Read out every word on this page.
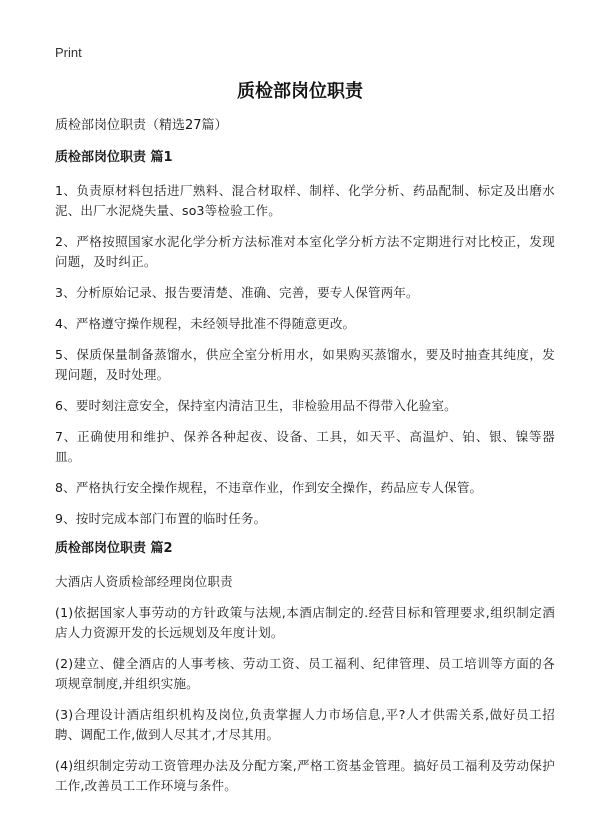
Print
质检部岗位职责
质检部岗位职责（精选27篇）
质检部岗位职责 篇1

1、负责原材料包括进厂熟料、混合材取样、制样、化学分析、药品配制、标定及出磨水泥、出厂水泥烧失量、so3等检验工作。

2、严格按照国家水泥化学分析方法标准对本室化学分析方法不定期进行对比校正，发现问题，及时纠正。

3、分析原始记录、报告要清楚、准确、完善，要专人保管两年。

4、严格遵守操作规程，未经领导批准不得随意更改。

5、保质保量制备蒸馏水，供应全室分析用水，如果购买蒸馏水，要及时抽查其纯度，发现问题，及时处理。

6、要时刻注意安全，保持室内清洁卫生，非检验用品不得带入化验室。

7、正确使用和维护、保养各种起夜、设备、工具，如天平、高温炉、铂、银、镍等器皿。

8、严格执行安全操作规程，不违章作业，作到安全操作，药品应专人保管。

9、按时完成本部门布置的临时任务。

质检部岗位职责 篇2

大酒店人资质检部经理岗位职责

(1)依据国家人事劳动的方针政策与法规,本酒店制定的.经营目标和管理要求,组织制定酒店人力资源开发的长远规划及年度计划。

(2)建立、健全酒店的人事考核、劳动工资、员工福利、纪律管理、员工培训等方面的各项规章制度,并组织实施。

(3)合理设计酒店组织机构及岗位,负责掌握人力市场信息,平?人才供需关系,做好员工招聘、调配工作,做到人尽其才,才尽其用。

(4)组织制定劳动工资管理办法及分配方案,严格工资基金管理。搞好员工福利及劳动保护工作,改善员工工作环境与条件。
